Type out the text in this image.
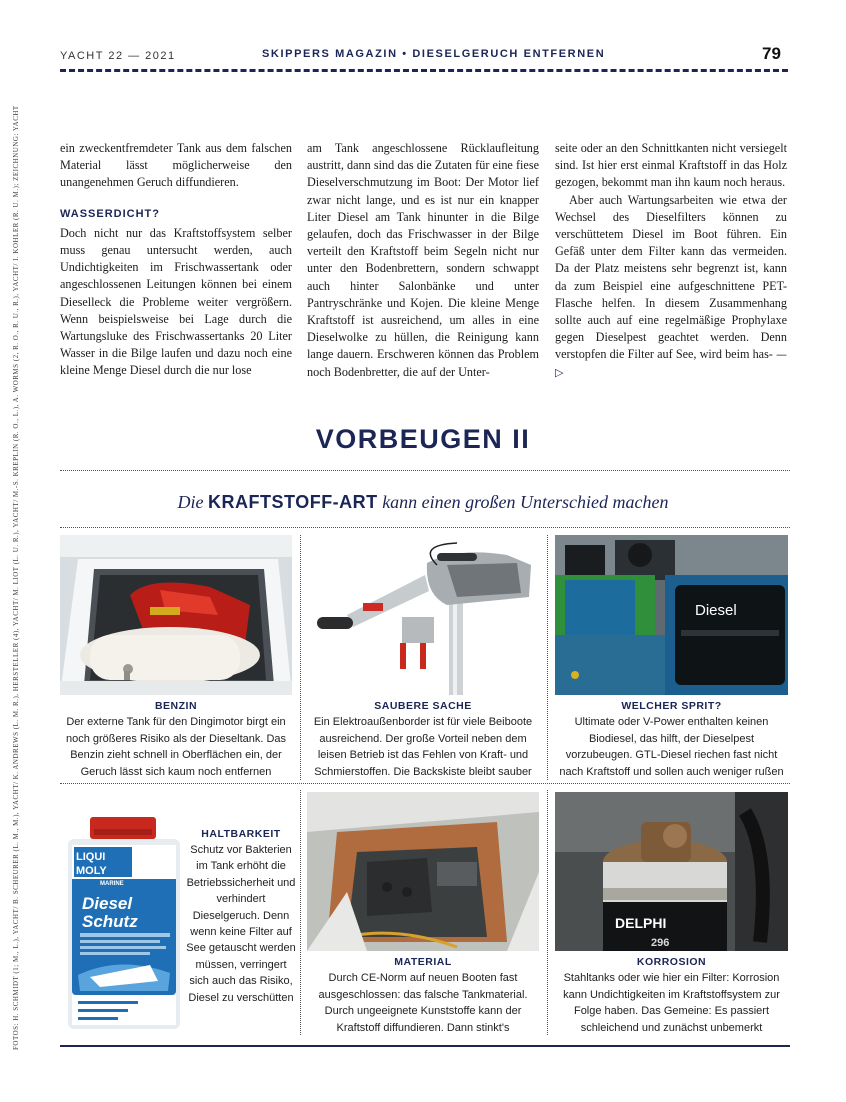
YACHT 22 — 2021	SKIPPERS MAGAZIN • DIESELGERUCH ENTFERNEN	79
FOTOS: H. SCHMIDT (1; M., L.), YACHT/ B. SCHEURER (L. M., M.), YACHT/ K. ANDREWS (L. M. R.), HERSTELLER (4), YACHT/ M. LIOT (L. U. R.), YACHT/ M.-S. KREPLIN (R. O., L.), A. WORMS (2, R. O., R. U., R.), YACHT/ I. KOHLER (R. U. M.); ZEICHNUNG: YACHT	ein zweckentfremdeter Tank aus dem falschen Material lässt möglicherweise den unangenehmen Geruch diffundieren.

WASSERDICHT?

Doch nicht nur das Kraftstoffsystem selber muss genau untersucht werden, auch Undichtigkeiten im Frischwassertank oder angeschlossenen Leitungen können bei einem Dieselleck die Probleme weiter vergrößern. Wenn beispielsweise bei Lage durch die Wartungsluke des Frischwassertanks 20 Liter Wasser in die Bilge laufen und dazu noch eine kleine Menge Diesel durch die nur lose

am Tank angeschlossene Rücklaufleitung austritt, dann sind das die Zutaten für eine fiese Dieselverschmutzung im Boot: Der Motor lief zwar nicht lange, und es ist nur ein knapper Liter Diesel am Tank hinunter in die Bilge gelaufen, doch das Frischwasser in der Bilge verteilt den Kraftstoff beim Segeln nicht nur unter den Bodenbrettern, sondern schwappt auch hinter Salonbänke und unter Pantryschränke und Kojen. Die kleine Menge Kraftstoff ist ausreichend, um alles in eine Dieselwolke zu hüllen, die Reinigung kann lange dauern. Erschweren können das Problem noch Bodenbretter, die auf der Unter-

seite oder an den Schnittkanten nicht versiegelt sind. Ist hier erst einmal Kraftstoff in das Holz gezogen, bekommt man ihn kaum noch heraus.

Aber auch Wartungsarbeiten wie etwa der Wechsel des Dieselfilters können zu verschüttetem Diesel im Boot führen. Ein Gefäß unter dem Filter kann das vermeiden. Da der Platz meistens sehr begrenzt ist, kann da zum Beispiel eine aufgeschnittene PET-Flasche helfen. In diesem Zusammenhang sollte auch auf eine regelmäßige Prophylaxe gegen Dieselpest geachtet werden. Denn verstopfen die Filter auf See, wird beim has- —▷

VORBEUGEN II
Die KRAFTSTOFF-ART kann einen großen Unterschied machen
BENZIN
Der externe Tank für den Dingimotor birgt ein noch größeres Risiko als der Dieseltank. Das Benzin zieht schnell in Oberflächen ein, der Geruch lässt sich kaum noch entfernen
SAUBERE SACHE
Ein Elektroaußenborder ist für viele Beiboote ausreichend. Der große Vorteil neben dem leisen Betrieb ist das Fehlen von Kraft- und Schmierstoffen. Die Backskiste bleibt sauber
Diesel
WELCHER SPRIT?
Ultimate oder V-Power enthalten keinen Biodiesel, das hilft, der Dieselpest vorzubeugen. GTL-Diesel riechen fast nicht nach Kraftstoff und sollen auch weniger rußen
LIQUI
MOLY
MARINE
Diesel
Schutz
HALTBARKEIT
Schutz vor Bakterien im Tank erhöht die Betriebssicherheit und verhindert Dieselgeruch. Denn wenn keine Filter auf See getauscht werden müssen, verringert sich auch das Risiko, Diesel zu verschütten
MATERIAL
Durch CE-Norm auf neuen Booten fast ausgeschlossen: das falsche Tankmaterial. Durch ungeeignete Kunststoffe kann der Kraftstoff diffundieren. Dann stinkt's
DELPHI
296
KORROSION
Stahltanks oder wie hier ein Filter: Korrosion kann Undichtigkeiten im Kraftstoffsystem zur Folge haben. Das Gemeine: Es passiert schleichend und zunächst unbemerkt
